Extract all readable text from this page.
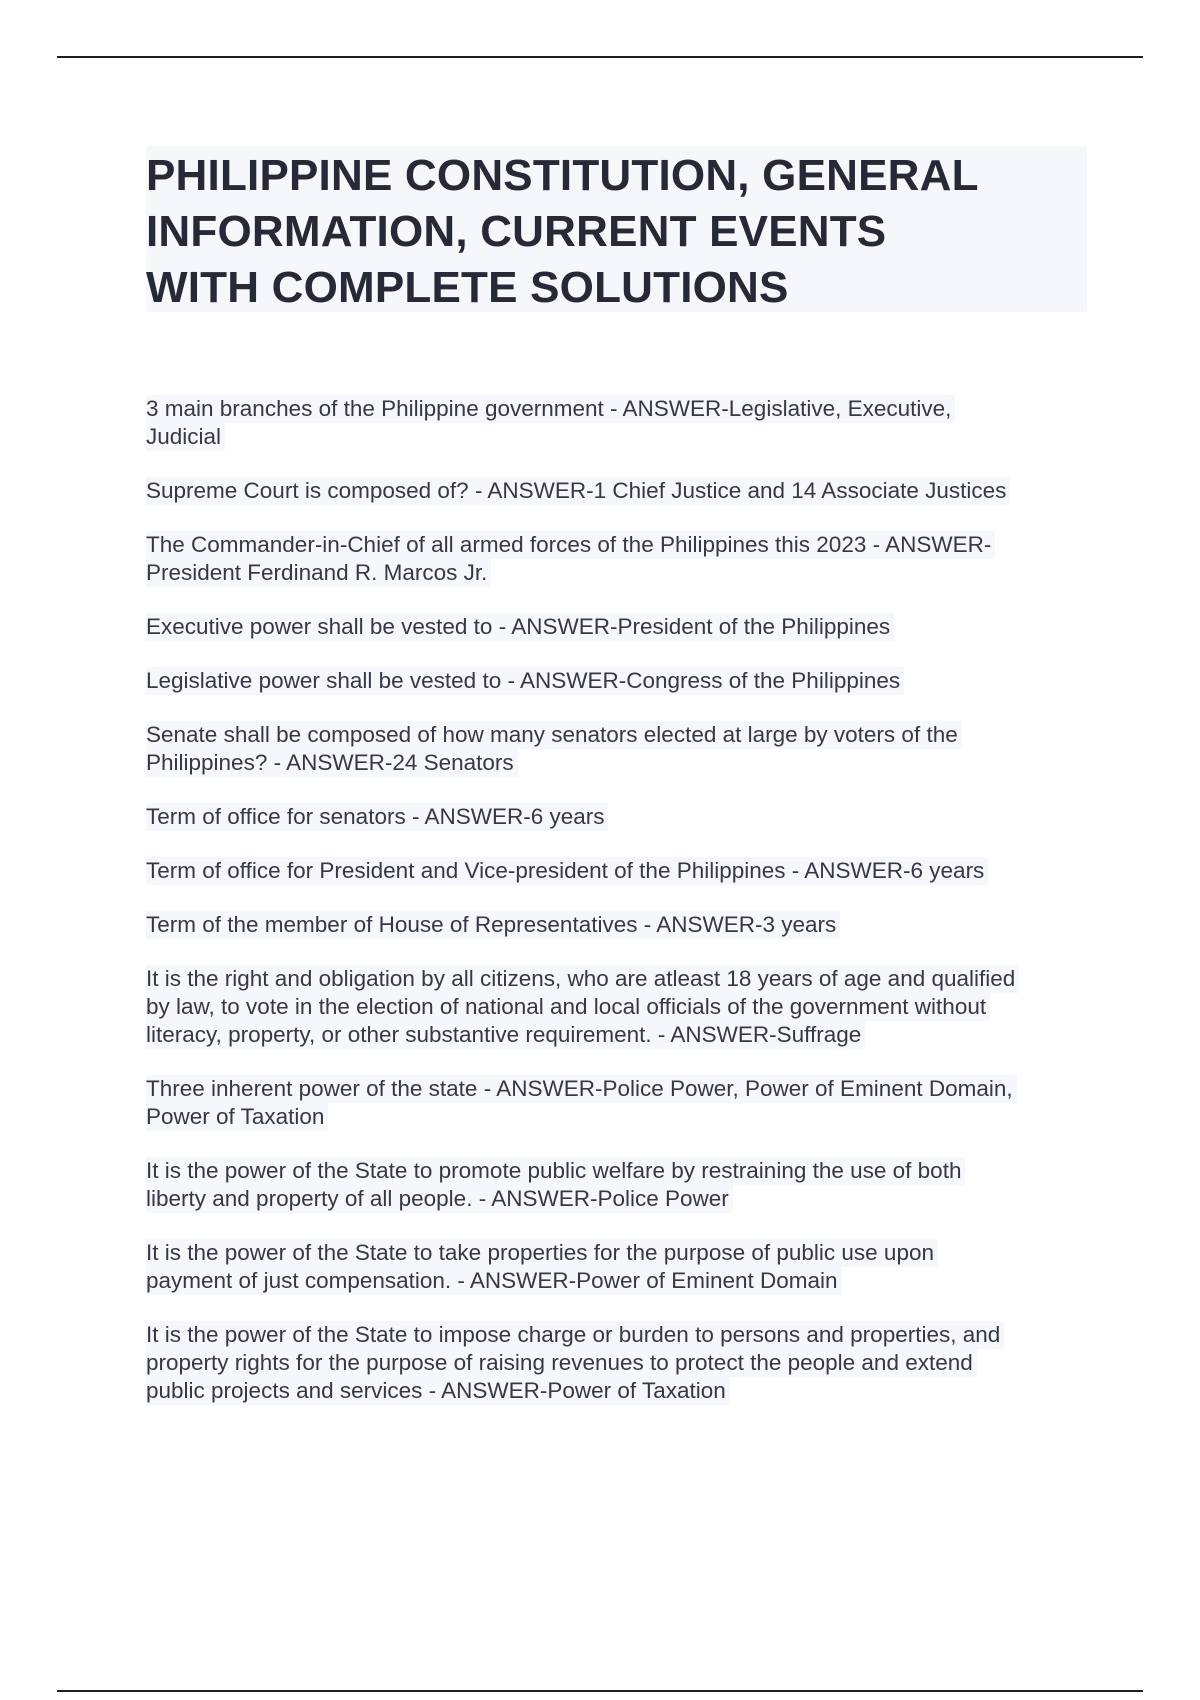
PHILIPPINE CONSTITUTION, GENERAL
INFORMATION, CURRENT EVENTS
WITH COMPLETE SOLUTIONS
3 main branches of the Philippine government - ANSWER-Legislative, Executive,
Judicial
Supreme Court is composed of? - ANSWER-1 Chief Justice and 14 Associate Justices
The Commander-in-Chief of all armed forces of the Philippines this 2023 - ANSWER-
President Ferdinand R. Marcos Jr.
Executive power shall be vested to - ANSWER-President of the Philippines
Legislative power shall be vested to - ANSWER-Congress of the Philippines
Senate shall be composed of how many senators elected at large by voters of the
Philippines? - ANSWER-24 Senators
Term of office for senators - ANSWER-6 years
Term of office for President and Vice-president of the Philippines - ANSWER-6 years
Term of the member of House of Representatives - ANSWER-3 years
It is the right and obligation by all citizens, who are atleast 18 years of age and qualified
by law, to vote in the election of national and local officials of the government without
literacy, property, or other substantive requirement. - ANSWER-Suffrage
Three inherent power of the state - ANSWER-Police Power, Power of Eminent Domain,
Power of Taxation
It is the power of the State to promote public welfare by restraining the use of both
liberty and property of all people. - ANSWER-Police Power
It is the power of the State to take properties for the purpose of public use upon
payment of just compensation. - ANSWER-Power of Eminent Domain
It is the power of the State to impose charge or burden to persons and properties, and
property rights for the purpose of raising revenues to protect the people and extend
public projects and services - ANSWER-Power of Taxation
